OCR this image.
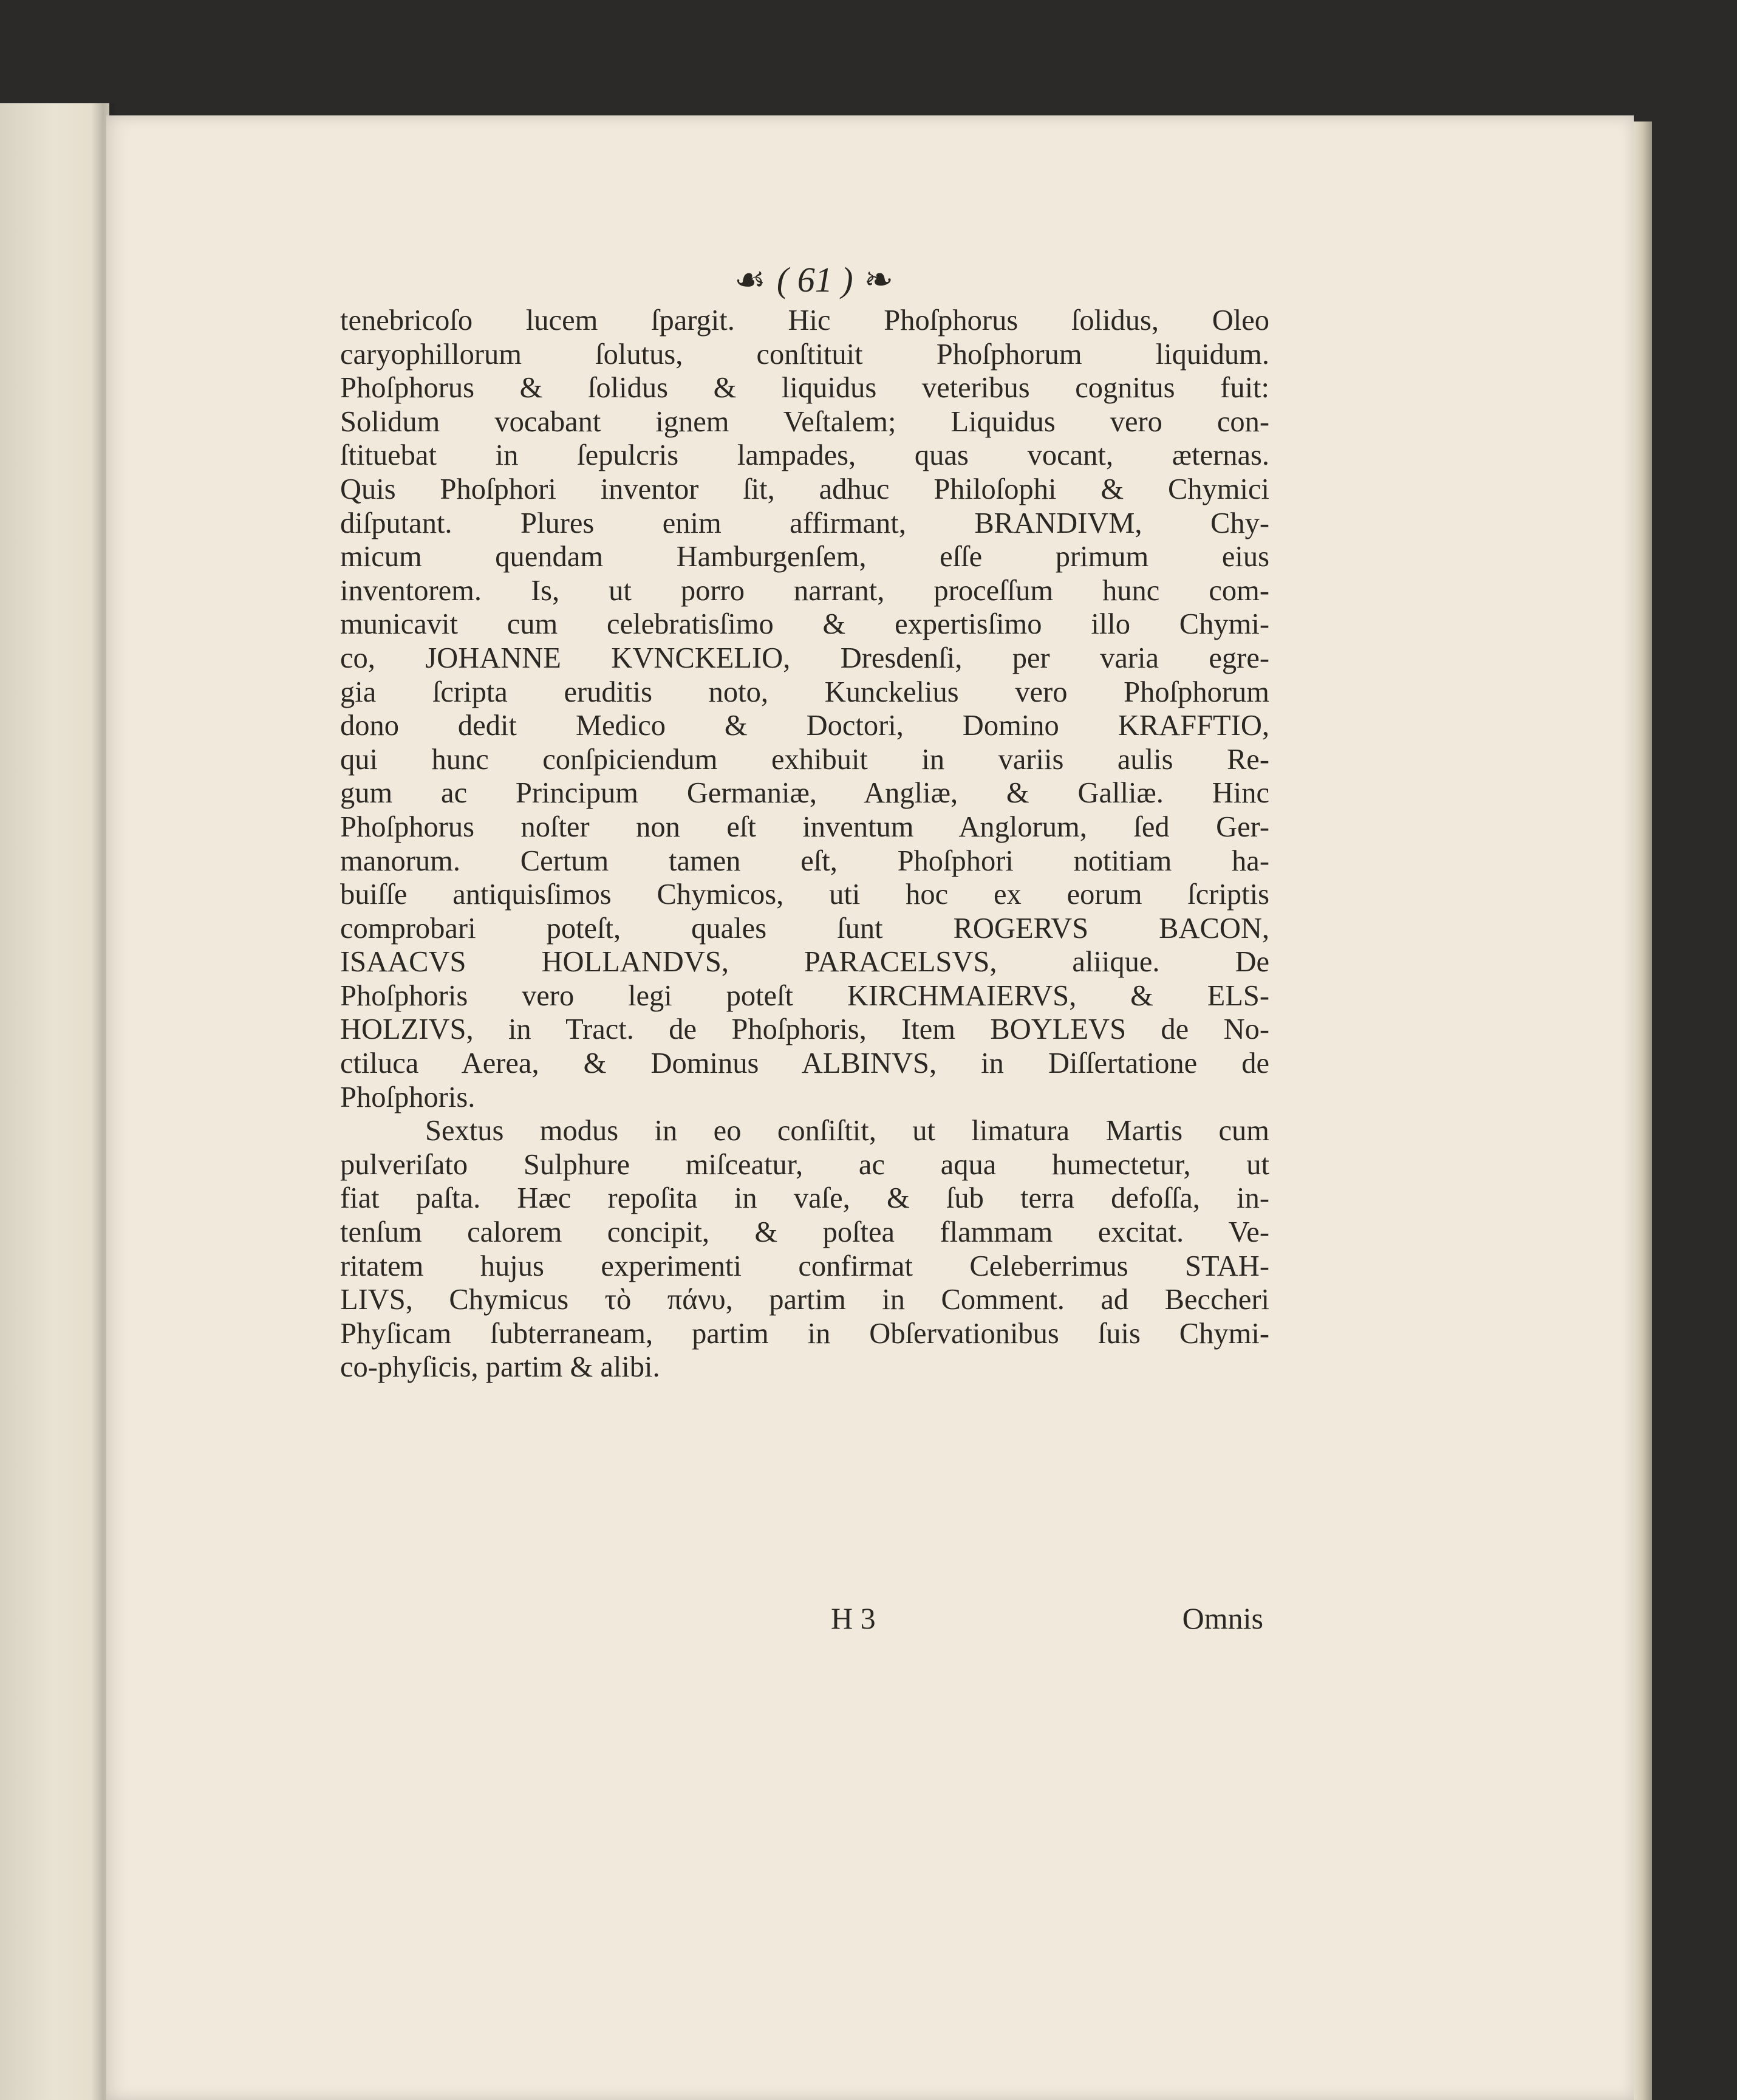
☙ ( 61 ) ❧
tenebricoſo lucem ſpargit. Hic Phoſphorus ſolidus, Oleo
caryophillorum ſolutus, conſtituit Phoſphorum liquidum.
Phoſphorus & ſolidus & liquidus veteribus cognitus fuit:
Solidum vocabant ignem Veſtalem; Liquidus vero con-
ſtituebat in ſepulcris lampades, quas vocant, æternas.
Quis Phoſphori inventor ſit, adhuc Philoſophi & Chymici
diſputant. Plures enim affirmant, BRANDIVM, Chy-
micum quendam Hamburgenſem, eſſe primum eius
inventorem. Is, ut porro narrant, proceſſum hunc com-
municavit cum celebratisſimo & expertisſimo illo Chymi-
co, JOHANNE KVNCKELIO, Dresdenſi, per varia egre-
gia ſcripta eruditis noto, Kunckelius vero Phoſphorum
dono dedit Medico & Doctori, Domino KRAFFTIO,
qui hunc conſpiciendum exhibuit in variis aulis Re-
gum ac Principum Germaniæ, Angliæ, & Galliæ. Hinc
Phoſphorus noſter non eſt inventum Anglorum, ſed Ger-
manorum. Certum tamen eſt, Phoſphori notitiam ha-
buiſſe antiquisſimos Chymicos, uti hoc ex eorum ſcriptis
comprobari poteſt, quales ſunt ROGERVS BACON,
ISAACVS HOLLANDVS, PARACELSVS, aliique. De
Phoſphoris vero legi poteſt KIRCHMAIERVS, & ELS-
HOLZIVS, in Tract. de Phoſphoris, Item BOYLEVS de No-
ctiluca Aerea, & Dominus ALBINVS, in Diſſertatione de
Phoſphoris.
Sextus modus in eo conſiſtit, ut limatura Martis cum
pulveriſato Sulphure miſceatur, ac aqua humectetur, ut
fiat paſta. Hæc repoſita in vaſe, & ſub terra defoſſa, in-
tenſum calorem concipit, & poſtea flammam excitat. Ve-
ritatem hujus experimenti confirmat Celeberrimus STAH-
LIVS, Chymicus τὸ πάνυ, partim in Comment. ad Beccheri
Phyſicam ſubterraneam, partim in Obſervationibus ſuis Chymi-
co-phyſicis, partim & alibi.
H 3	Omnis
